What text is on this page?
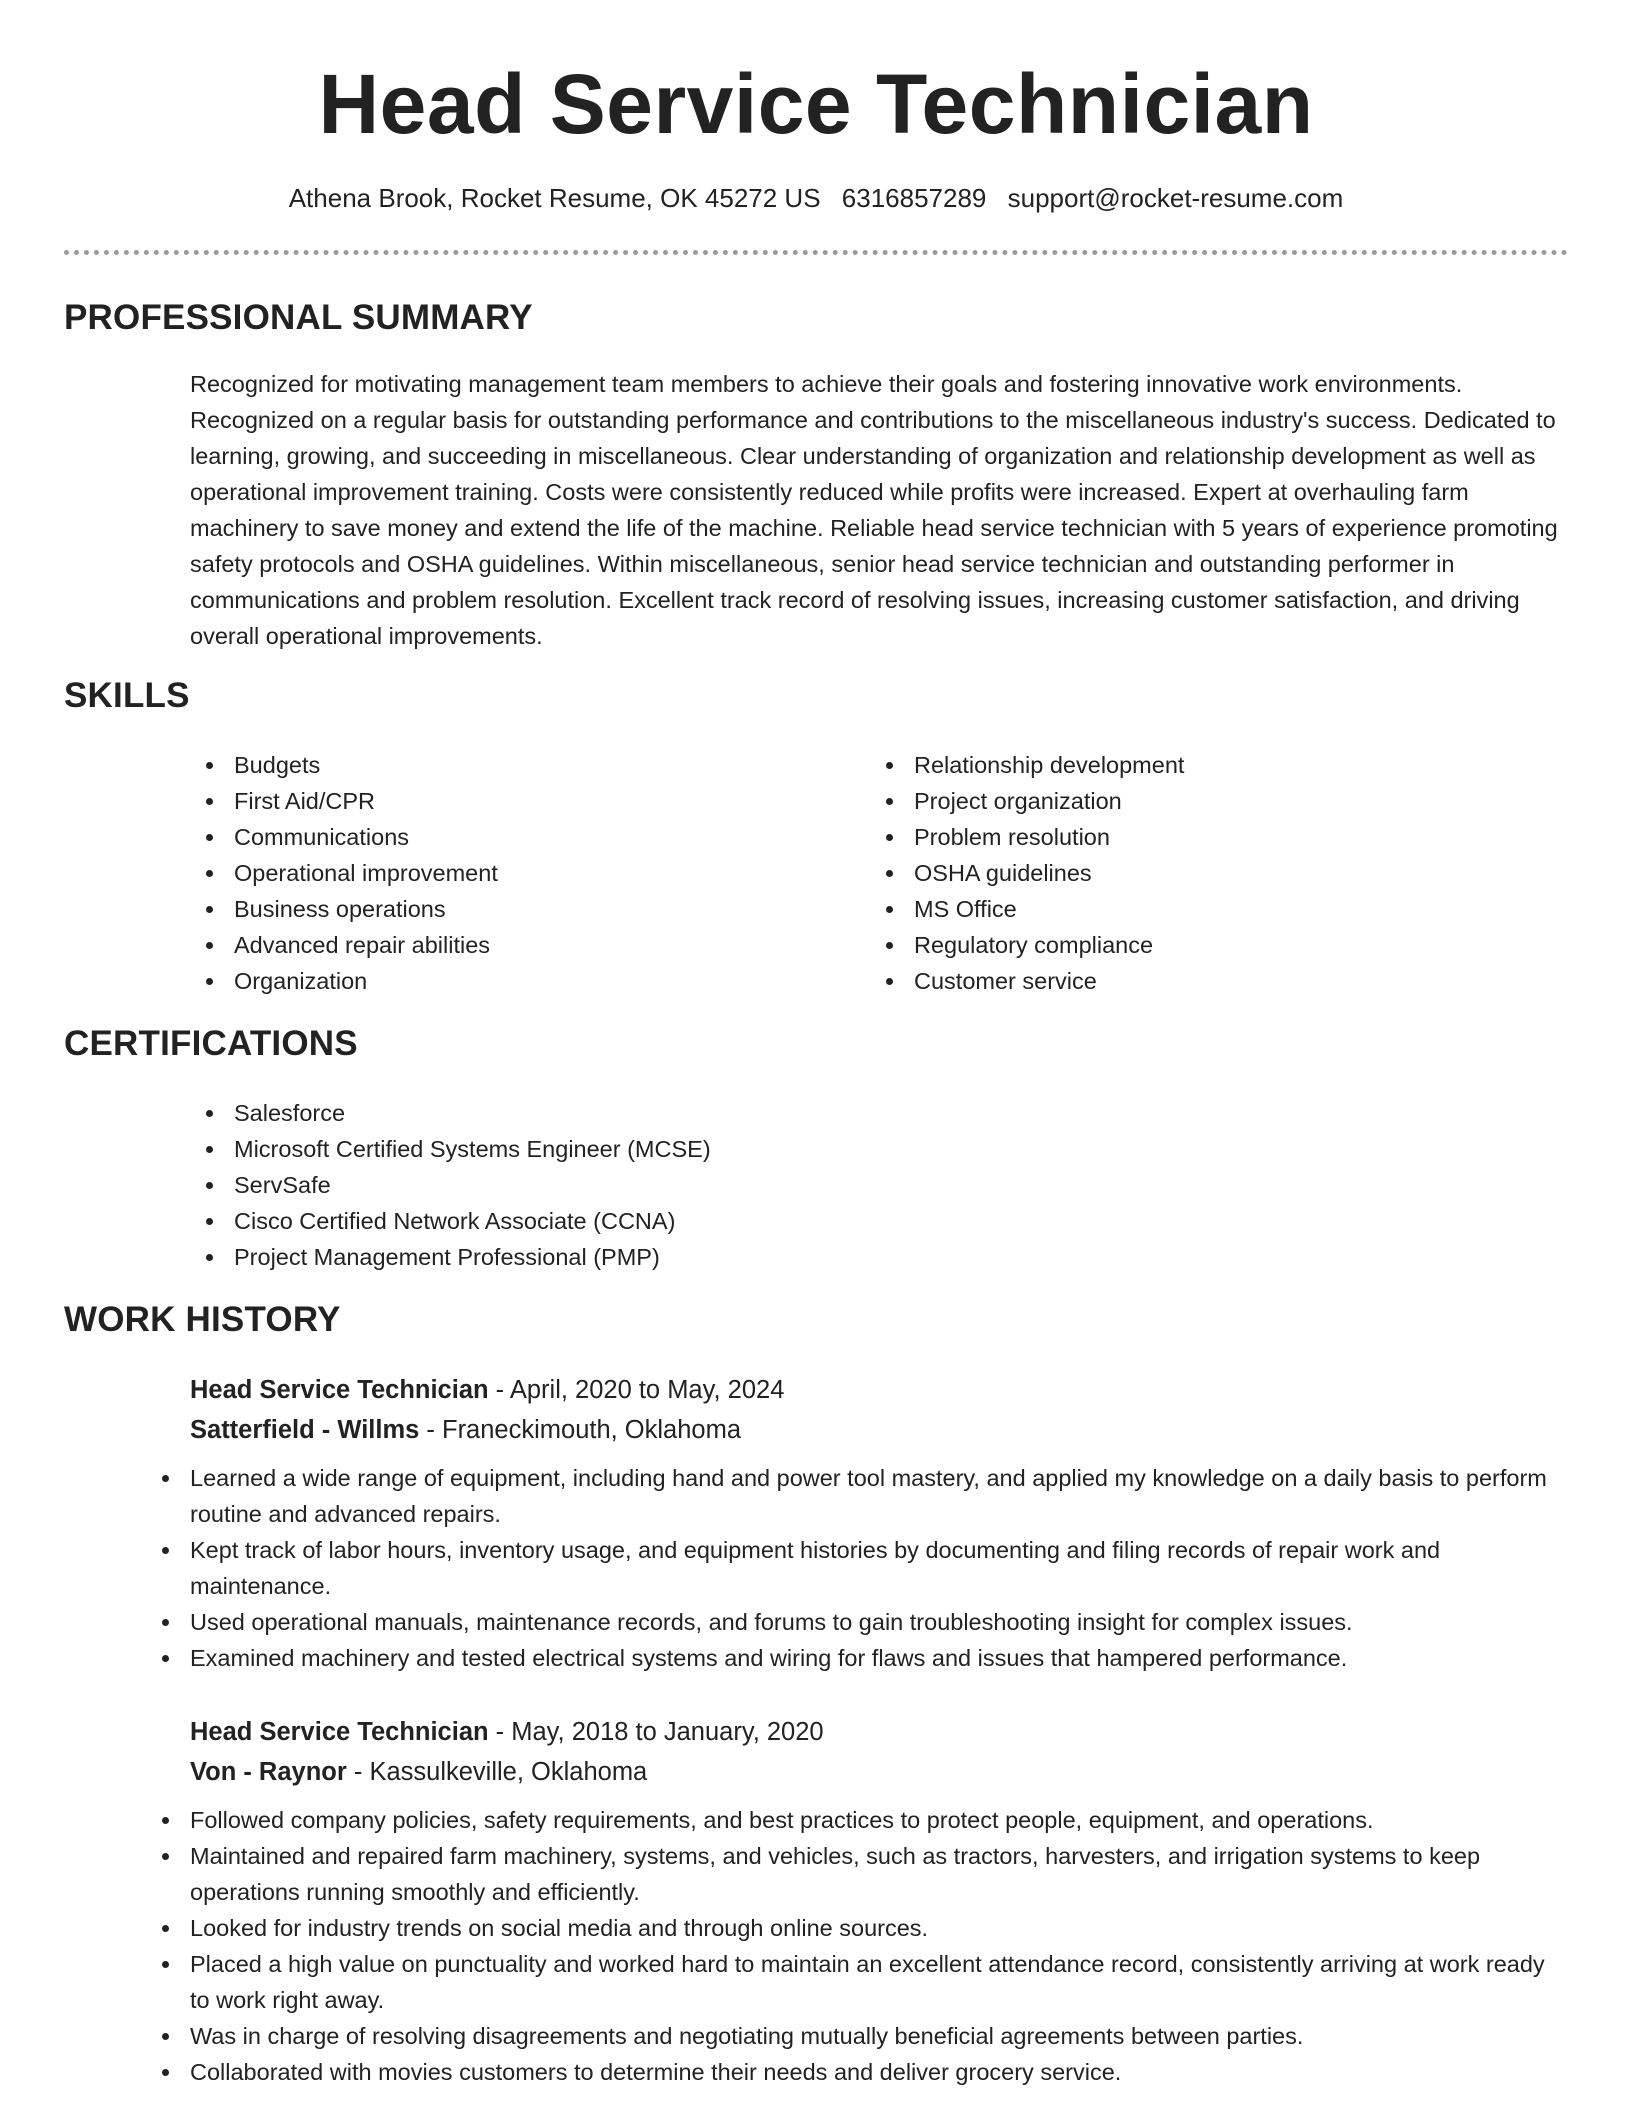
Head Service Technician
Athena Brook, Rocket Resume, OK 45272 US 6316857289 support@rocket-resume.com
PROFESSIONAL SUMMARY

Recognized for motivating management team members to achieve their goals and fostering innovative work environments. Recognized on a regular basis for outstanding performance and contributions to the miscellaneous industry's success. Dedicated to learning, growing, and succeeding in miscellaneous. Clear understanding of organization and relationship development as well as operational improvement training. Costs were consistently reduced while profits were increased. Expert at overhauling farm machinery to save money and extend the life of the machine. Reliable head service technician with 5 years of experience promoting safety protocols and OSHA guidelines. Within miscellaneous, senior head service technician and outstanding performer in communications and problem resolution. Excellent track record of resolving issues, increasing customer satisfaction, and driving overall operational improvements.

SKILLS
Budgets
First Aid/CPR
Communications
Operational improvement
Business operations
Advanced repair abilities
Organization
Relationship development
Project organization
Problem resolution
OSHA guidelines
MS Office
Regulatory compliance
Customer service
CERTIFICATIONS
Salesforce
Microsoft Certified Systems Engineer (MCSE)
ServSafe
Cisco Certified Network Associate (CCNA)
Project Management Professional (PMP)
WORK HISTORY
Head Service Technician - April, 2020 to May, 2024
Satterfield - Willms - Franeckimouth, Oklahoma
Learned a wide range of equipment, including hand and power tool mastery, and applied my knowledge on a daily basis to perform routine and advanced repairs.
Kept track of labor hours, inventory usage, and equipment histories by documenting and filing records of repair work and maintenance.
Used operational manuals, maintenance records, and forums to gain troubleshooting insight for complex issues.
Examined machinery and tested electrical systems and wiring for flaws and issues that hampered performance.
Head Service Technician - May, 2018 to January, 2020
Von - Raynor - Kassulkeville, Oklahoma
Followed company policies, safety requirements, and best practices to protect people, equipment, and operations.
Maintained and repaired farm machinery, systems, and vehicles, such as tractors, harvesters, and irrigation systems to keep operations running smoothly and efficiently.
Looked for industry trends on social media and through online sources.
Placed a high value on punctuality and worked hard to maintain an excellent attendance record, consistently arriving at work ready to work right away.
Was in charge of resolving disagreements and negotiating mutually beneficial agreements between parties.
Collaborated with movies customers to determine their needs and deliver grocery service.
